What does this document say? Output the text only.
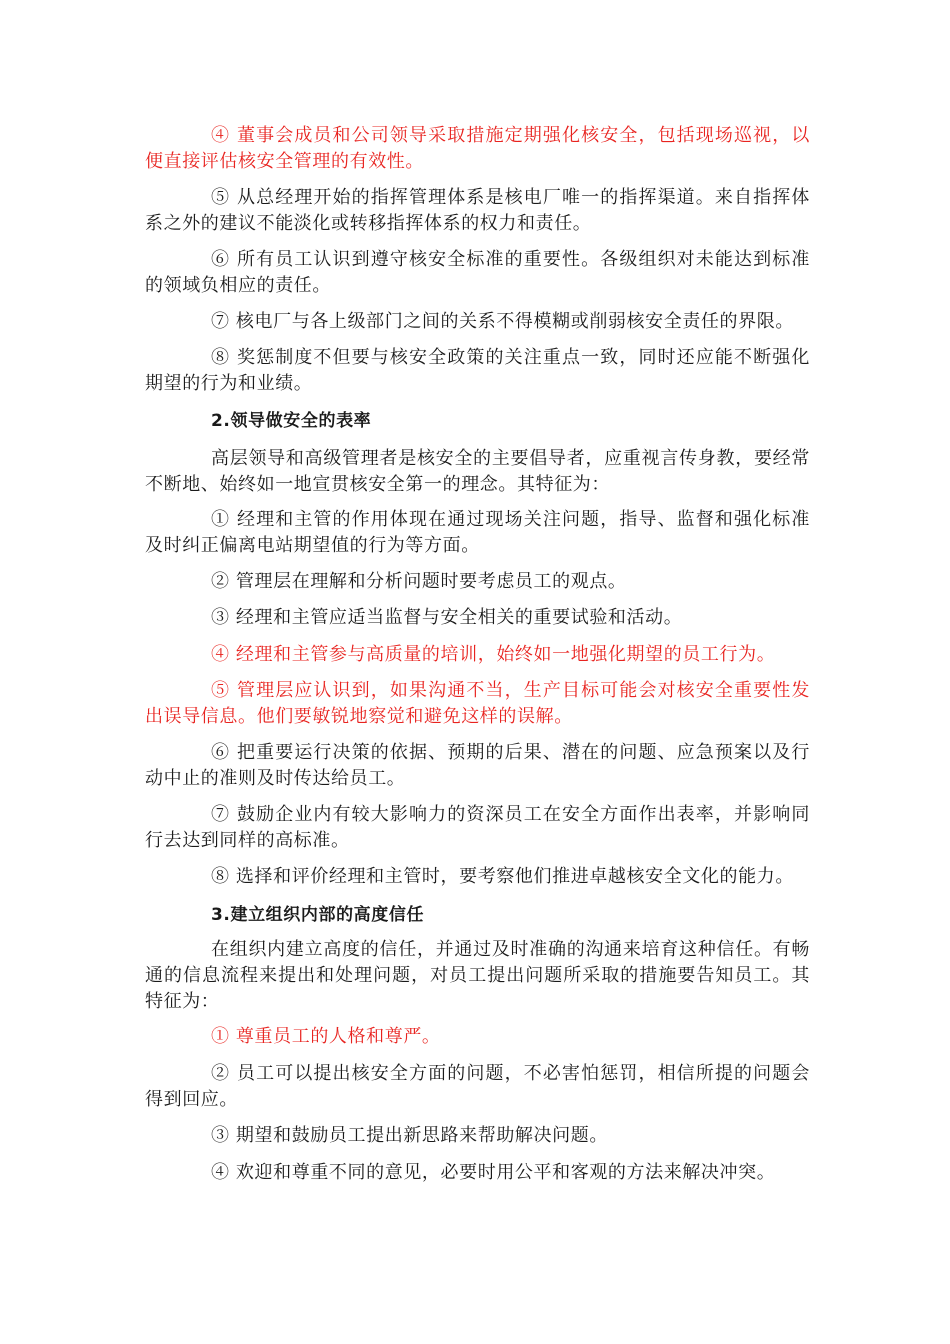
④ 董事会成员和公司领导采取措施定期强化核安全，包括现场巡视，以便直接评估核安全管理的有效性。

⑤ 从总经理开始的指挥管理体系是核电厂唯一的指挥渠道。来自指挥体系之外的建议不能淡化或转移指挥体系的权力和责任。

⑥ 所有员工认识到遵守核安全标准的重要性。各级组织对未能达到标准的领域负相应的责任。

⑦ 核电厂与各上级部门之间的关系不得模糊或削弱核安全责任的界限。

⑧ 奖惩制度不但要与核安全政策的关注重点一致，同时还应能不断强化期望的行为和业绩。

2.领导做安全的表率

高层领导和高级管理者是核安全的主要倡导者，应重视言传身教，要经常不断地、始终如一地宣贯核安全第一的理念。其特征为：

① 经理和主管的作用体现在通过现场关注问题，指导、监督和强化标准及时纠正偏离电站期望值的行为等方面。

② 管理层在理解和分析问题时要考虑员工的观点。

③ 经理和主管应适当监督与安全相关的重要试验和活动。

④ 经理和主管参与高质量的培训，始终如一地强化期望的员工行为。

⑤ 管理层应认识到，如果沟通不当，生产目标可能会对核安全重要性发出误导信息。他们要敏锐地察觉和避免这样的误解。

⑥ 把重要运行决策的依据、预期的后果、潜在的问题、应急预案以及行动中止的准则及时传达给员工。

⑦ 鼓励企业内有较大影响力的资深员工在安全方面作出表率，并影响同行去达到同样的高标准。

⑧ 选择和评价经理和主管时，要考察他们推进卓越核安全文化的能力。

3.建立组织内部的高度信任

在组织内建立高度的信任，并通过及时准确的沟通来培育这种信任。有畅通的信息流程来提出和处理问题，对员工提出问题所采取的措施要告知员工。其特征为：

① 尊重员工的人格和尊严。

② 员工可以提出核安全方面的问题，不必害怕惩罚，相信所提的问题会得到回应。

③ 期望和鼓励员工提出新思路来帮助解决问题。

④ 欢迎和尊重不同的意见，必要时用公平和客观的方法来解决冲突。
